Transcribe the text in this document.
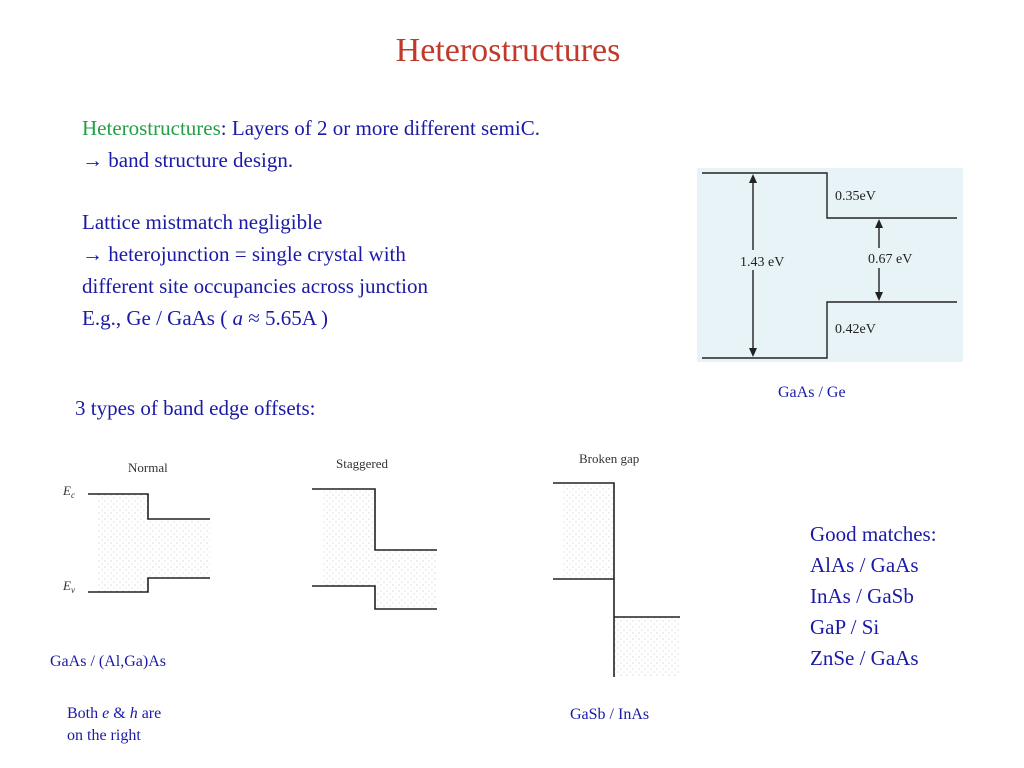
Heterostructures
Heterostructures: Layers of 2 or more different semiC.
→ band structure design.
Lattice mistmatch negligible
→ heterojunction = single crystal with
different site occupancies across junction
E.g., Ge / GaAs ( a ≈ 5.65A )
1.43 eV	0.67 eV
0.35eV
0.42eV
GaAs / Ge
3 types of band edge offsets:
Normal
$E_c$
$E_v$
Staggered	Broken gap
GaAs / (Al,Ga)As
Both e & h are
on the right
GaSb / InAs
Good matches:
AlAs / GaAs
InAs / GaSb
GaP / Si
ZnSe / GaAs
